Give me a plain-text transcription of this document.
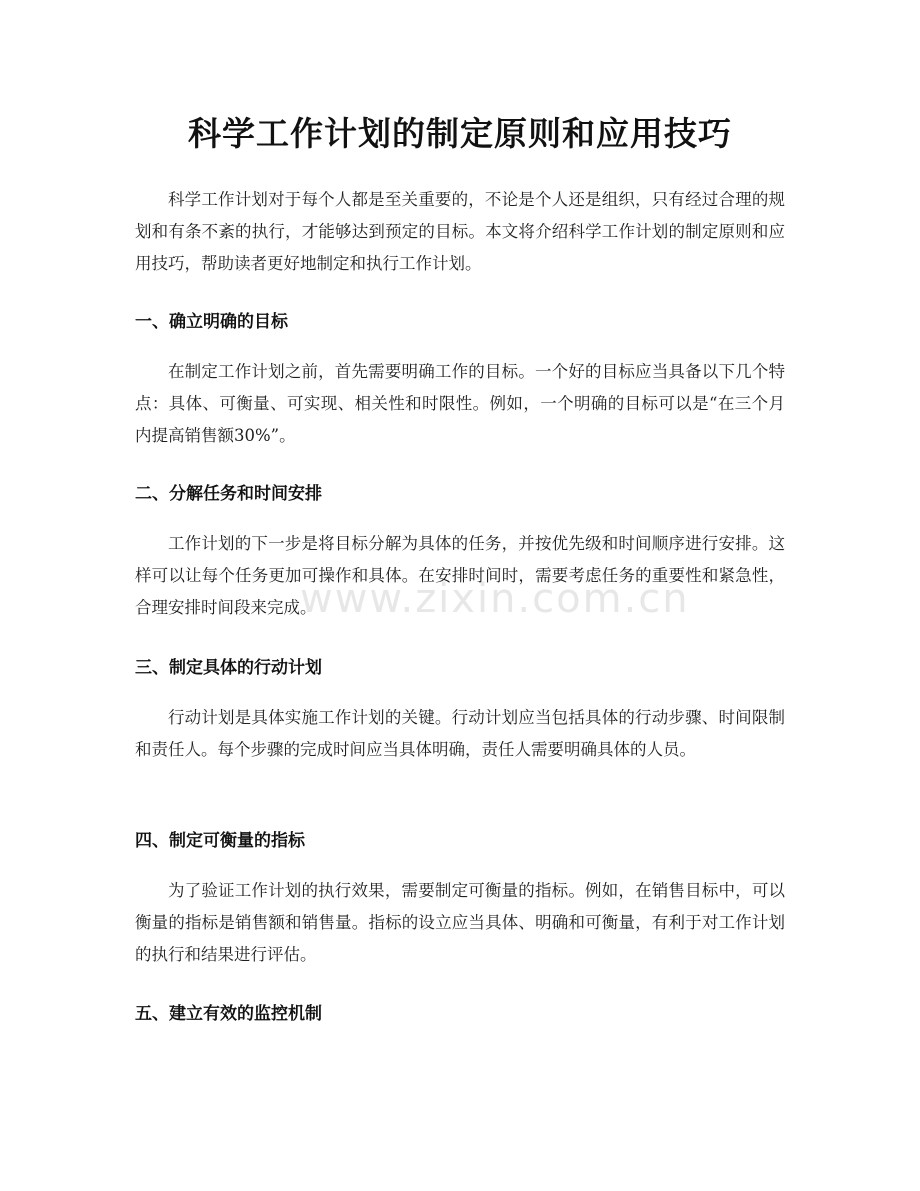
科学工作计划的制定原则和应用技巧

科学工作计划对于每个人都是至关重要的，不论是个人还是组织，只有经过合理的规划和有条不紊的执行，才能够达到预定的目标。本文将介绍科学工作计划的制定原则和应用技巧，帮助读者更好地制定和执行工作计划。

一、确立明确的目标

在制定工作计划之前，首先需要明确工作的目标。一个好的目标应当具备以下几个特点：具体、可衡量、可实现、相关性和时限性。例如，一个明确的目标可以是“在三个月内提高销售额30%”。

二、分解任务和时间安排

工作计划的下一步是将目标分解为具体的任务，并按优先级和时间顺序进行安排。这样可以让每个任务更加可操作和具体。在安排时间时，需要考虑任务的重要性和紧急性，合理安排时间段来完成。

三、制定具体的行动计划

行动计划是具体实施工作计划的关键。行动计划应当包括具体的行动步骤、时间限制和责任人。每个步骤的完成时间应当具体明确，责任人需要明确具体的人员。

四、制定可衡量的指标

为了验证工作计划的执行效果，需要制定可衡量的指标。例如，在销售目标中，可以衡量的指标是销售额和销售量。指标的设立应当具体、明确和可衡量，有利于对工作计划的执行和结果进行评估。

五、建立有效的监控机制
www.zixin.com.cn
